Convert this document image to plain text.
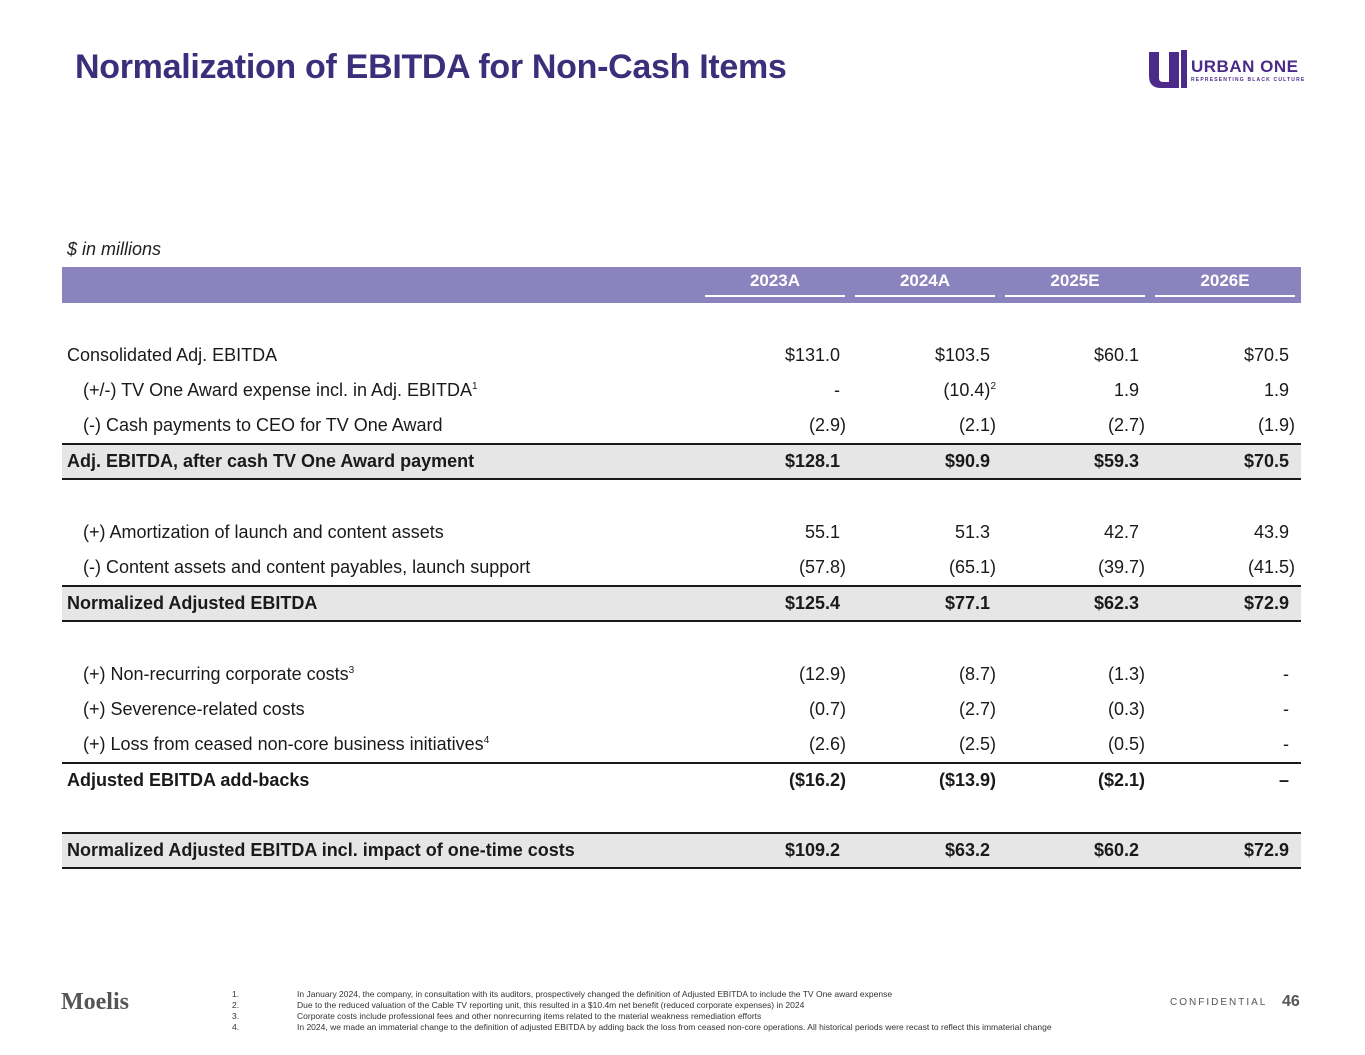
Normalization of EBITDA for Non-Cash Items	URBAN ONE
REPRESENTING BLACK CULTURE
$ in millions
2023A	2024A	2025E	2026E
Consolidated Adj. EBITDA	$131.0	$103.5	$60.1	$70.5
(+/-) TV One Award expense incl. in Adj. EBITDA$^1$	-	$(10.4)^2$	1.9	1.9
(-) Cash payments to CEO for TV One Award	(2.9)	(2.1)	(2.7)	(1.9)
Adj. EBITDA, after cash TV One Award payment	$128.1	$90.9	$59.3	$70.5
(+) Amortization of launch and content assets	55.1	51.3	42.7	43.9
(-) Content assets and content payables, launch support	(57.8)	(65.1)	(39.7)	(41.5)
Normalized Adjusted EBITDA	$125.4	$77.1	$62.3	$72.9
(+) Non-recurring corporate costs$^3$	(12.9)	(8.7)	(1.3)	-
(+) Severence-related costs	(0.7)	(2.7)	(0.3)	-
(+) Loss from ceased non-core business initiatives$^4$	(2.6)	(2.5)	(0.5)	-
Adjusted EBITDA add-backs	($16.2)	($13.9)	($2.1)	–
Normalized Adjusted EBITDA incl. impact of one-time costs	$109.2	$63.2	$60.2	$72.9
Moelis	1.	In January 2024, the company, in consultation with its auditors, prospectively changed the definition of Adjusted EBITDA to include the TV One award expense
2.	Due to the reduced valuation of the Cable TV reporting unit, this resulted in a $10.4m net benefit (reduced corporate expenses) in 2024
3.	Corporate costs include professional fees and other nonrecurring items related to the material weakness remediation efforts
4.	In 2024, we made an immaterial change to the definition of adjusted EBITDA by adding back the loss from ceased non-core operations. All historical periods were recast to reflect this immaterial change
CONFIDENTIAL 46
